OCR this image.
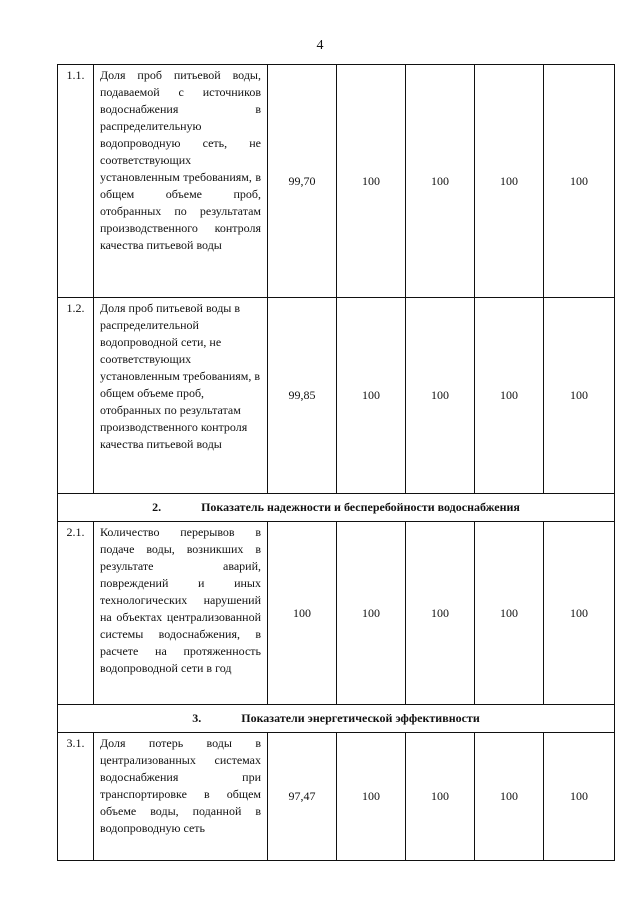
4
1.1.	Доля проб питьевой воды, подаваемой с источников водоснабжения в распределительную водопроводную сеть, не соответствующих установленным требованиям, в общем объеме проб, отобранных по результатам производственного контроля качества питьевой воды	99,70	100	100	100	100
1.2.	Доля проб питьевой воды в распределительной водопроводной сети, не соответствующих установленным требованиям, в общем объеме проб, отобранных по результатам производственного контроля качества питьевой воды	99,85	100	100	100	100
2. Показатель надежности и бесперебойности водоснабжения						
2.1.	Количество перерывов в подаче воды, возникших в результате аварий, повреждений и иных технологических нарушений на объектах централизованной системы водоснабжения, в расчете на протяженность водопроводной сети в год	100	100	100	100	100
3. Показатели энергетической эффективности						
3.1.	Доля потерь воды в централизованных системах водоснабжения при транспортировке в общем объеме воды, поданной в водопроводную сеть	97,47	100	100	100	100
